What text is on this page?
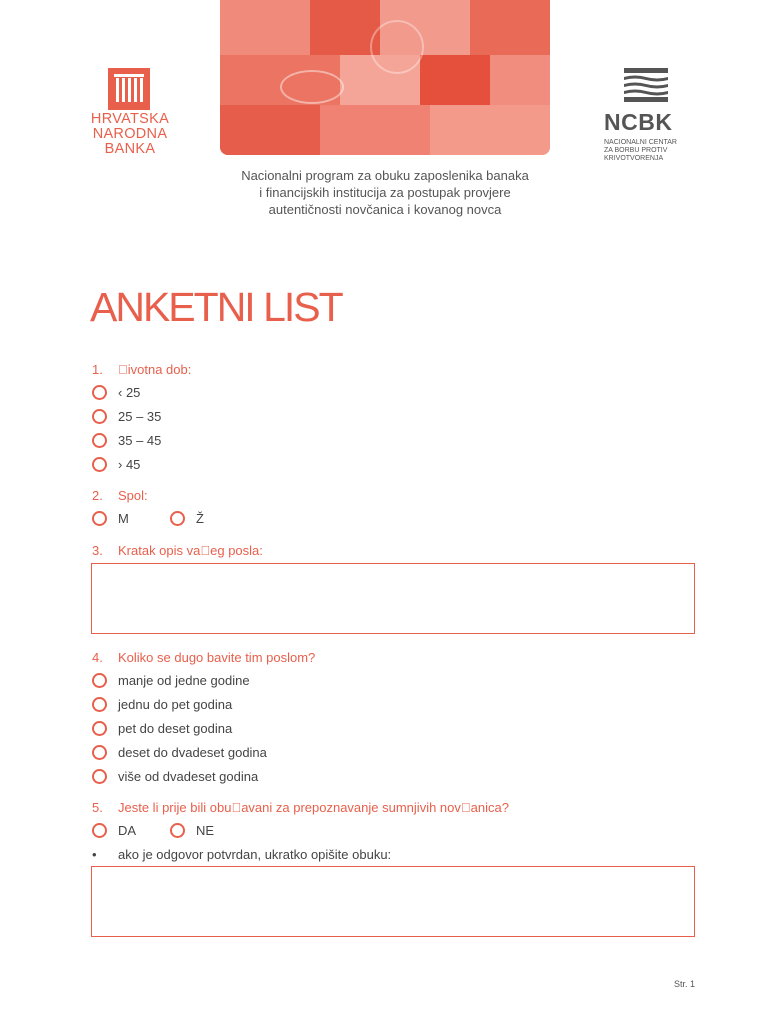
HRVATSKA
NARODNA
BANKA
NCBK
NACIONALNI CENTAR
ZA BORBU PROTIV
KRIVOTVORENJA
Nacionalni program za obuku zaposlenika banaka
i financijskih institucija za postupak provjere
autentičnosti novčanica i kovanog novca
ANKETNI LIST
1.  ivotna dob:
‹ 25
25 – 35
35 – 45
› 45
2. Spol:
M	Ž
3. Kratak opis va eg posla:
4. Koliko se dugo bavite tim poslom?
manje od jedne godine
jednu do pet godina
pet do deset godina
deset do dvadeset godina
više od dvadeset godina
5. Jeste li prije bili obu avani za prepoznavanje sumnjivih nov anica?
DA	NE
• ako je odgovor potvrdan, ukratko opišite obuku:
Str. 1
